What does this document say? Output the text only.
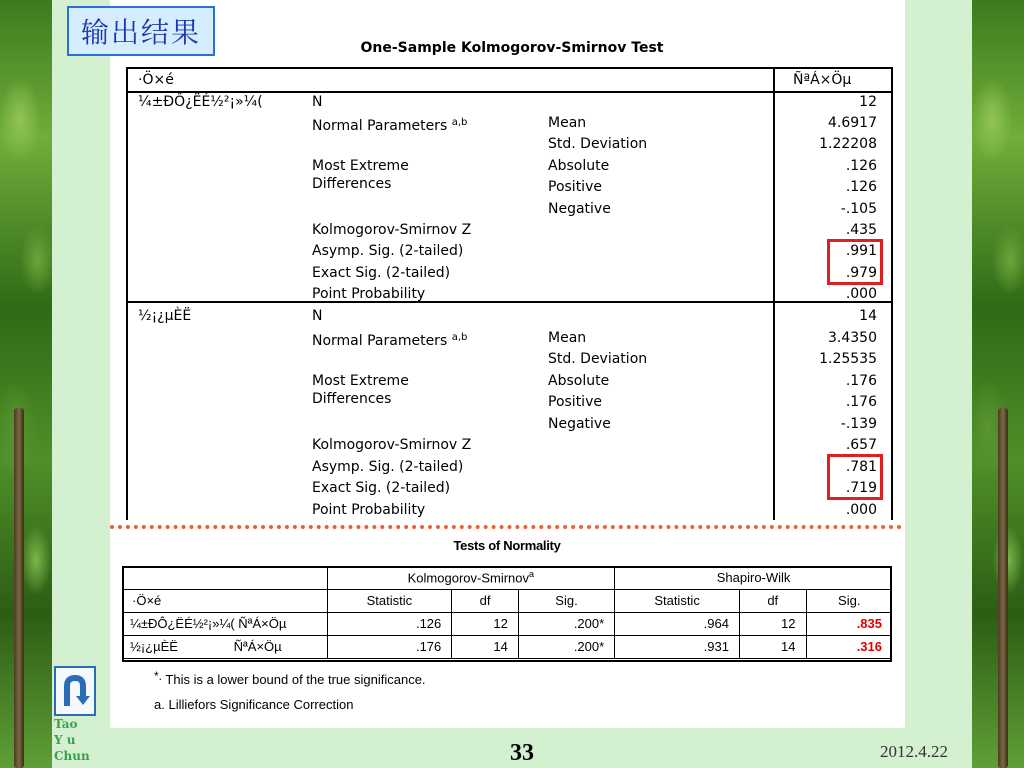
输出结果	One-Sample Kolmogorov-Smirnov Test
·Ö×é	ÑªÁ×Öµ
¼±ÐÔ¿ËÉ½²¡»¼(	N	12
Normal Parameters $^{a,b}$	Mean	4.6917
Std. Deviation	1.22208
Most Extreme
Differences
Absolute	.126
Positive	.126
Negative	-.105
Kolmogorov-Smirnov Z	.435
Asymp. Sig. (2-tailed)	.991
Exact Sig. (2-tailed)	.979
Point Probability	.000
½¡¿µÈË	N	14
Normal Parameters $^{a,b}$	Mean	3.4350
Std. Deviation	1.25535
Most Extreme
Differences
Absolute	.176
Positive	.176
Negative	-.139
Kolmogorov-Smirnov Z	.657
Asymp. Sig. (2-tailed)	.781
Exact Sig. (2-tailed)	.719
Point Probability	.000
Tests of Normality
	Kolmogorov-Smirnov$^a$			Shapiro-Wilk		
·Ö×é	Statistic	df	Sig.	Statistic	df	Sig.
¼±ÐÔ¿ËÉ½²¡»¼( ÑªÁ×Öµ	.126	12	.200*	.964	12	.835
½¡¿µÈË ÑªÁ×Öµ	.176	14	.200*	.931	14	.316
*. This is a lower bound of the true significance.
a. Lilliefors Significance Correction
33	2012.4.22
Tao
Y u
Chun
